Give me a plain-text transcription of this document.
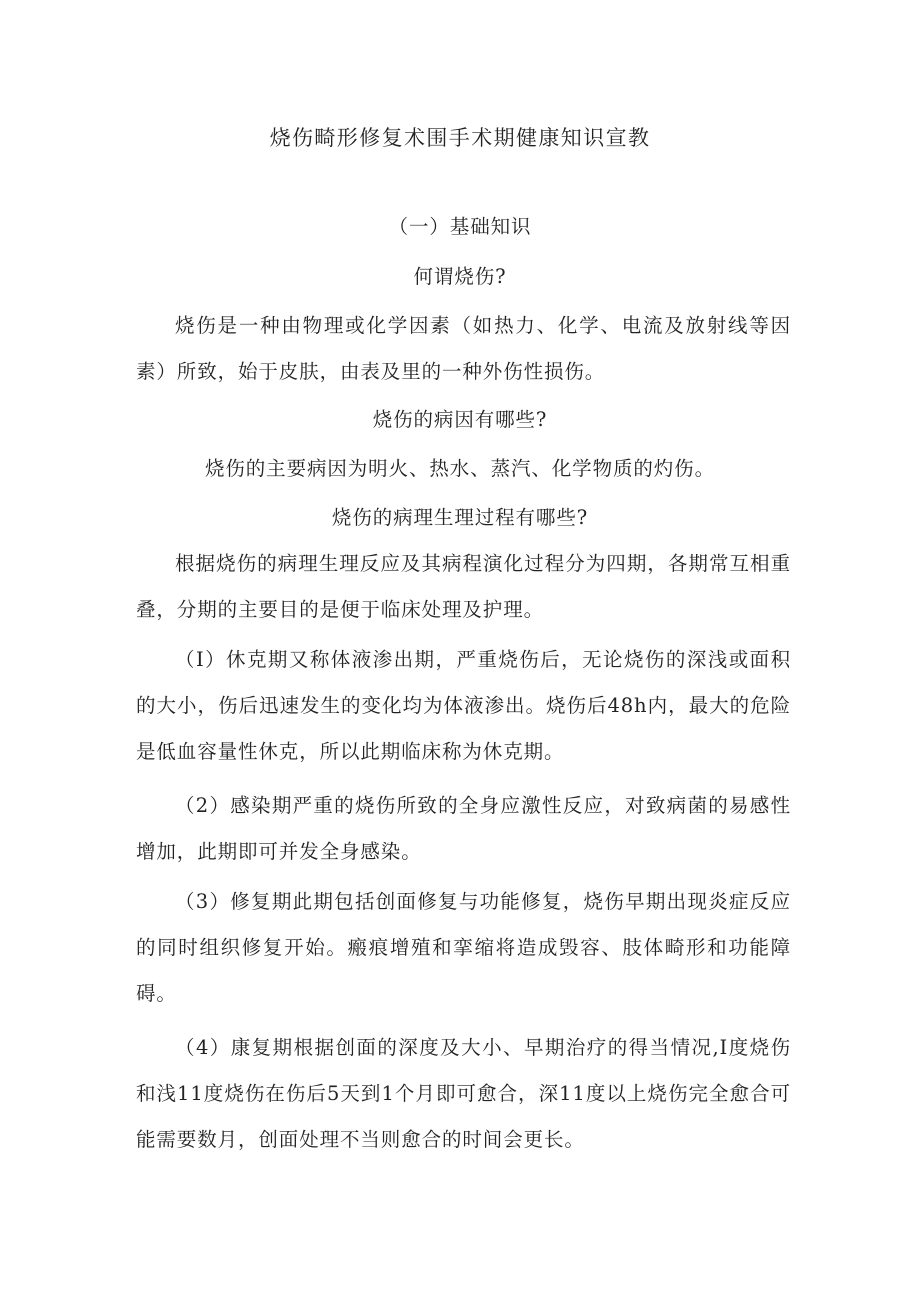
烧伤畸形修复术围手术期健康知识宣教
（一）基础知识
何谓烧伤?

烧伤是一种由物理或化学因素（如热力、化学、电流及放射线等因素）所致，始于皮肤，由表及里的一种外伤性损伤。

烧伤的病因有哪些?
烧伤的主要病因为明火、热水、蒸汽、化学物质的灼伤。
烧伤的病理生理过程有哪些?

根据烧伤的病理生理反应及其病程演化过程分为四期，各期常互相重叠，分期的主要目的是便于临床处理及护理。

（I）休克期又称体液渗出期，严重烧伤后，无论烧伤的深浅或面积的大小，伤后迅速发生的变化均为体液渗出。烧伤后48h内，最大的危险是低血容量性休克，所以此期临床称为休克期。

（2）感染期严重的烧伤所致的全身应激性反应，对致病菌的易感性增加，此期即可并发全身感染。

（3）修复期此期包括创面修复与功能修复，烧伤早期出现炎症反应的同时组织修复开始。瘢痕增殖和挛缩将造成毁容、肢体畸形和功能障碍。

（4）康复期根据创面的深度及大小、早期治疗的得当情况,I度烧伤和浅11度烧伤在伤后5天到1个月即可愈合，深11度以上烧伤完全愈合可能需要数月，创面处理不当则愈合的时间会更长。
